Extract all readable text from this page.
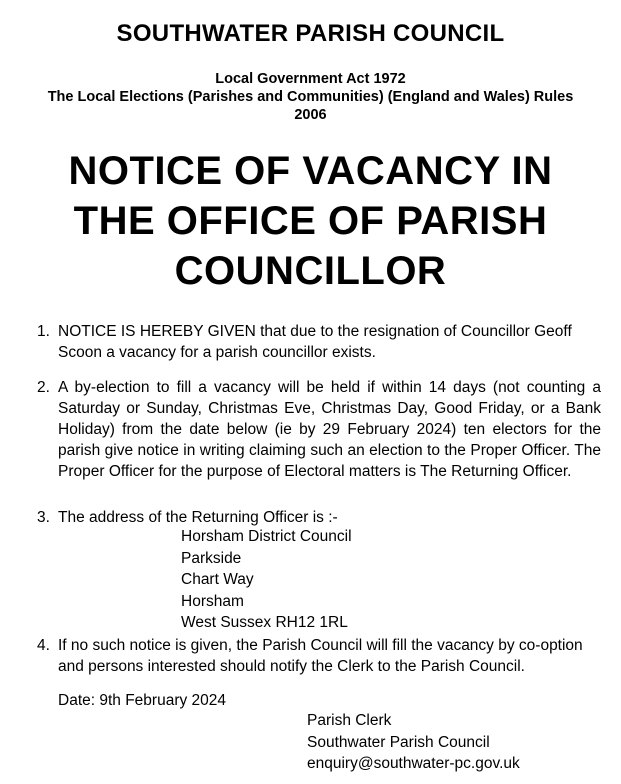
SOUTHWATER PARISH COUNCIL
Local Government Act 1972
The Local Elections (Parishes and Communities) (England and Wales) Rules
2006
NOTICE OF VACANCY IN
THE OFFICE OF PARISH
COUNCILLOR
1. NOTICE IS HEREBY GIVEN that due to the resignation of Councillor Geoff Scoon a vacancy for a parish councillor exists.
2. A by-election to fill a vacancy will be held if within 14 days (not counting a Saturday or Sunday, Christmas Eve, Christmas Day, Good Friday, or a Bank Holiday) from the date below (ie by 29 February 2024) ten electors for the parish give notice in writing claiming such an election to the Proper Officer. The Proper Officer for the purpose of Electoral matters is The Returning Officer.
3. The address of the Returning Officer is :-
Horsham District Council
Parkside
Chart Way
Horsham
West Sussex RH12 1RL
4. If no such notice is given, the Parish Council will fill the vacancy by co-option and persons interested should notify the Clerk to the Parish Council.
Date: 9th February 2024
Parish Clerk
Southwater Parish Council
enquiry@southwater-pc.gov.uk
